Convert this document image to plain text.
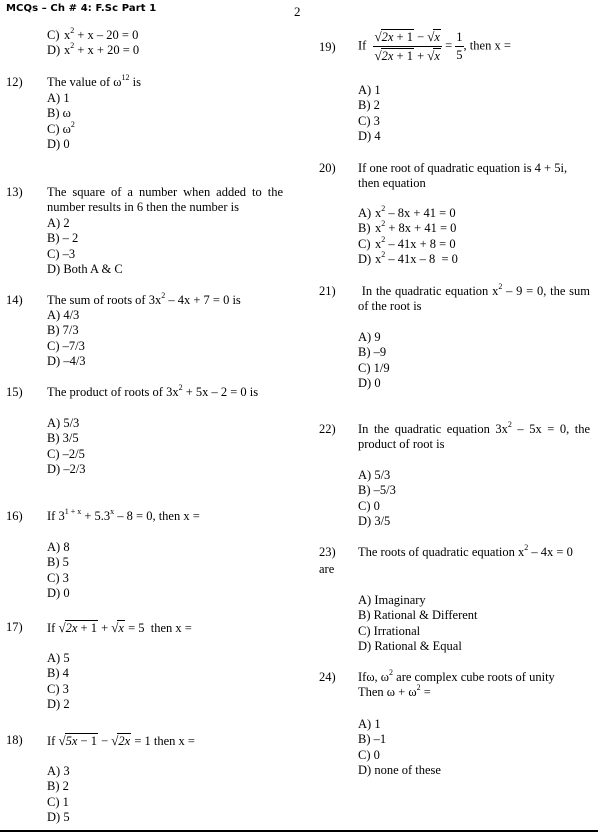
MCQs – Ch # 4: F.Sc Part 1	2
C) $x^2 + x - 20 = 0$
D) $x^2 + x + 20 = 0$
12) The value of $\omega^{12}$ is
A) 1
B) ω
C) $\omega^2$
D) 0
13) The square of a number when added to the number results in 6 then the number is
A) 2
B) – 2
C) –3
D) Both A & C
14) The sum of roots of $3x^2 - 4x + 7 = 0$ is
A) 4/3
B) 7/3
C) –7/3
D) –4/3
15) The product of roots of $3x^2 + 5x - 2 = 0$ is
A) 5/3
B) 3/5
C) –2/5
D) –2/3
16) If $3^{1 + x} + 5.3^x - 8 = 0$, then x =
A) 8
B) 5
C) 3
D) 0
17) If √2x + 1 + √x = 5  then x =
A) 5
B) 4
C) 3
D) 2
18) If √5x − 1 − √2x = 1 then x =
A) 3
B) 2
C) 1
D) 5
19) If $\frac{√2x + 1 - √x}{√2x + 1 + √x} = \frac{1}{5}$ , then x =
A) 1
B) 2
C) 3
D) 4
20) If one root of quadratic equation is 4 + 5i, then equation
A) $x^2 - 8x + 41 = 0$
B) $x^2 + 8x + 41 = 0$
C) $x^2 - 41x + 8 = 0$
D) $x^2 - 41x - 8 = 0$
21) In the quadratic equation $x^2 - 9 = 0$, the sum of the root is
A) 9
B) –9
C) 1/9
D) 0
22) In the quadratic equation $3x^2 - 5x = 0$, the product of root is
A) 5/3
B) –5/3
C) 0
D) 3/5
23) The roots of quadratic equation $x^2 - 4x = 0$
are
A) Imaginary
B) Rational & Different
C) Irrational
D) Rational & Equal
24) Ifω, $\omega^2$ are complex cube roots of unity
Then $\omega + \omega^2$ =
A) 1
B) –1
C) 0
D) none of these
